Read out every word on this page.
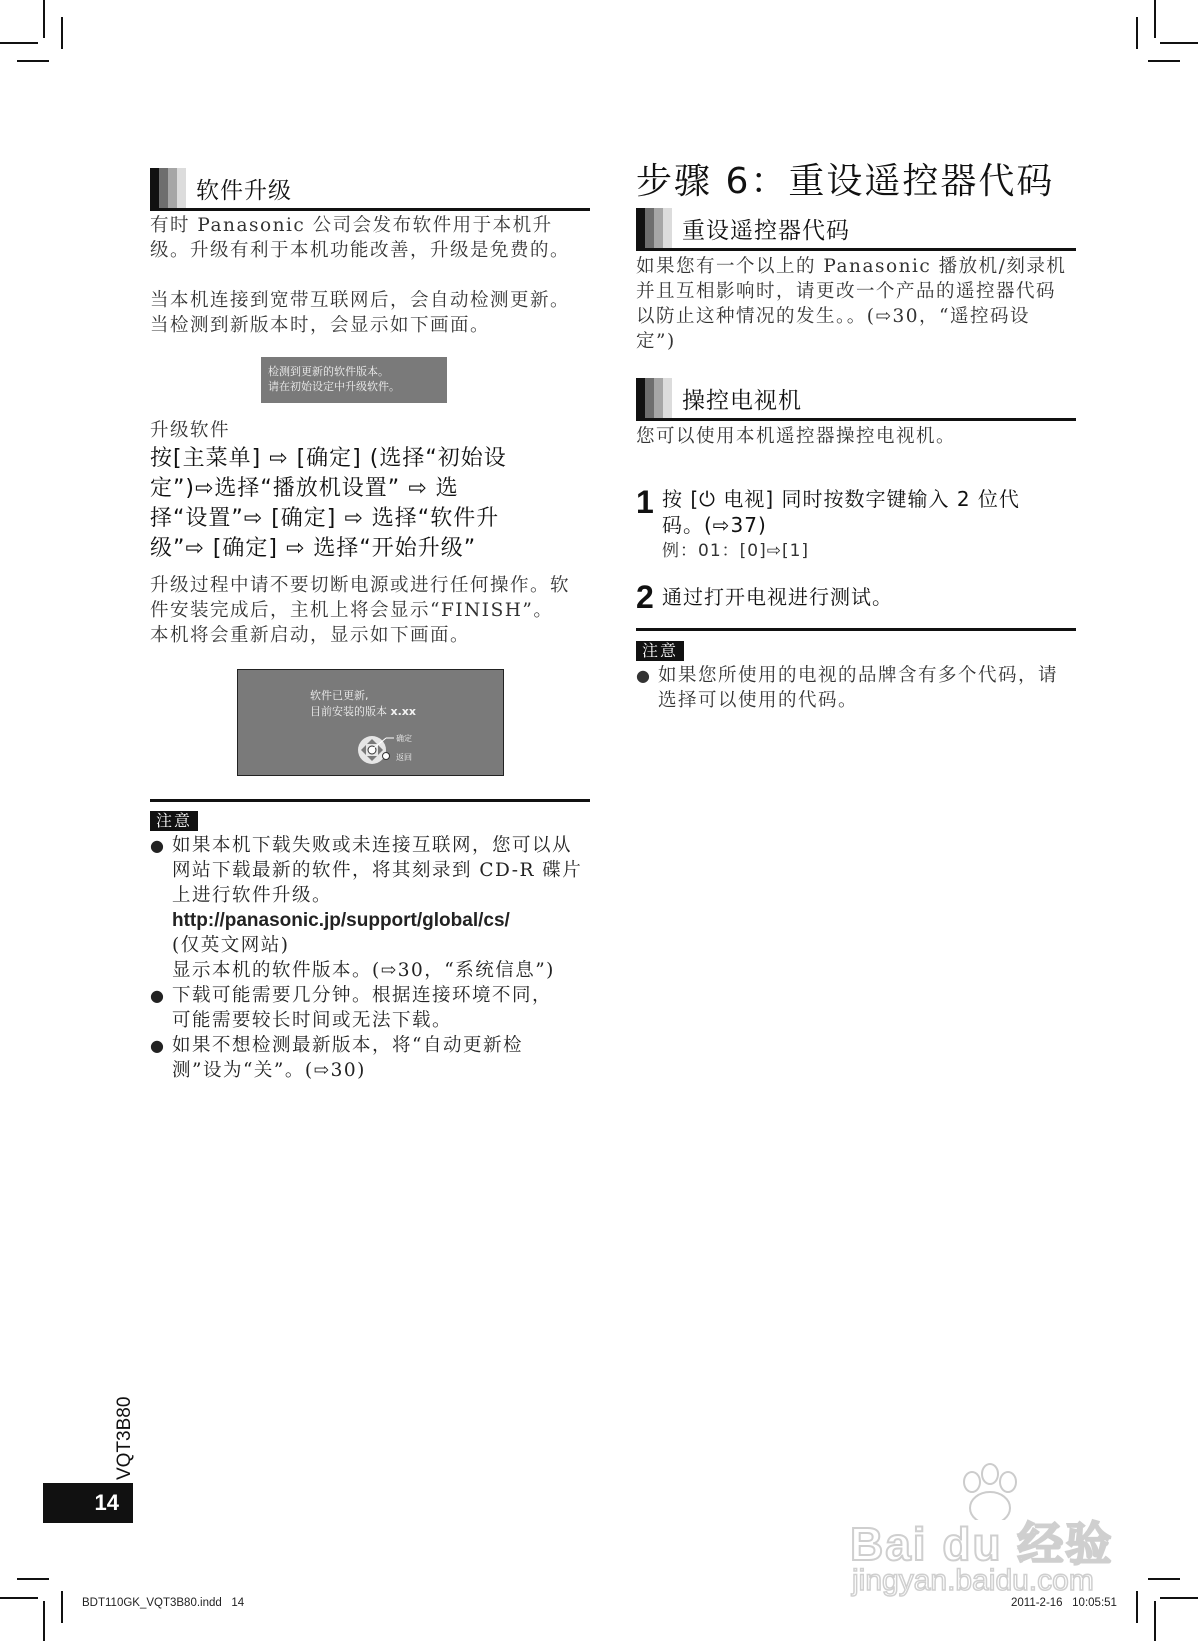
软件升级
有时 Panasonic 公司会发布软件用于本机升
级。升级有利于本机功能改善，升级是免费的。
当本机连接到宽带互联网后，会自动检测更新。
当检测到新版本时，会显示如下画面。
检测到更新的软件版本。
请在初始设定中升级软件。
升级软件
按[主菜单] ⇨ [确定] (选择“初始设
定”)⇨选择“播放机设置” ⇨ 选
择“设置”⇨ [确定] ⇨ 选择“软件升
级”⇨ [确定] ⇨ 选择“开始升级”
升级过程中请不要切断电源或进行任何操作。软
件安装完成后，主机上将会显示“FINISH”。
本机将会重新启动，显示如下画面。
软件已更新,
目前安装的版本 x.xx
确定
返回
注意
● 如果本机下载失败或未连接互联网，您可以从
网站下载最新的软件，将其刻录到 CD-R 碟片
上进行软件升级。
http://panasonic.jp/support/global/cs/
(仅英文网站)
显示本机的软件版本。(⇨30，“系统信息”)
● 下载可能需要几分钟。根据连接环境不同，
可能需要较长时间或无法下载。
● 如果不想检测最新版本，将“自动更新检
测”设为“关”。(⇨30)
步骤 6：重设遥控器代码
重设遥控器代码
如果您有一个以上的 Panasonic 播放机/刻录机
并且互相影响时，请更改一个产品的遥控器代码
以防止这种情况的发生。。(⇨30，“遥控码设
定”)
操控电视机
您可以使用本机遥控器操控电视机。
1 按 [⏻ 电视] 同时按数字键输入 2 位代
码。(⇨37)
例：01：[0]⇨[1]
2 通过打开电视进行测试。
注意
● 如果您所使用的电视的品牌含有多个代码，请
选择可以使用的代码。
VQT3B80
14
BDT110GK_VQT3B80.indd   14	2011-2-16   10:05:51
Bai du 经验
jingyan.baidu.com
